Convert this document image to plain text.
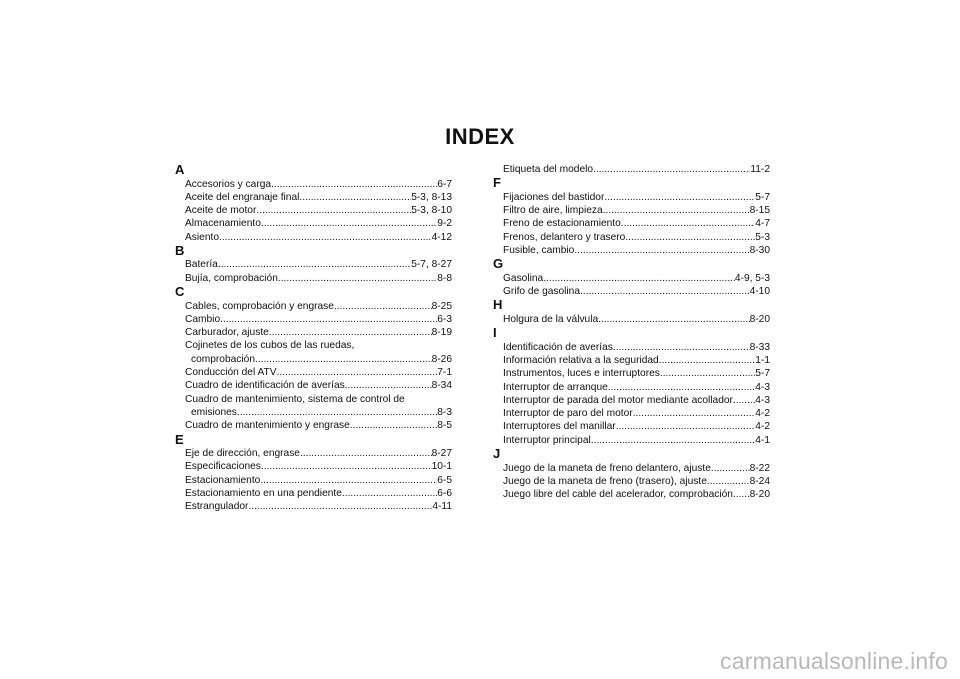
INDEX
A
Accesorios y carga .....	6-7
Aceite del engranaje final .....	5-3, 8-13
Aceite de motor .....	5-3, 8-10
Almacenamiento .....	9-2
Asiento .....	4-12
B
Batería .....	5-7, 8-27
Bujía, comprobación .....	8-8
C
Cables, comprobación y engrase .....	8-25
Cambio .....	6-3
Carburador, ajuste .....	8-19
Cojinetes de los cubos de las ruedas,
comprobación .....	8-26
Conducción del ATV .....	7-1
Cuadro de identificación de averías .....	8-34
Cuadro de mantenimiento, sistema de control de
emisiones .....	8-3
Cuadro de mantenimiento y engrase .....	8-5
E
Eje de dirección, engrase .....	8-27
Especificaciones .....	10-1
Estacionamiento .....	6-5
Estacionamiento en una pendiente .....	6-6
Estrangulador .....	4-11
Etiqueta del modelo .....	11-2
F
Fijaciones del bastidor .....	5-7
Filtro de aire, limpieza .....	8-15
Freno de estacionamiento .....	4-7
Frenos, delantero y trasero .....	5-3
Fusible, cambio .....	8-30
G
Gasolina .....	4-9, 5-3
Grifo de gasolina .....	4-10
H
Holgura de la válvula .....	8-20
I
Identificación de averías .....	8-33
Información relativa a la seguridad .....	1-1
Instrumentos, luces e interruptores .....	5-7
Interruptor de arranque .....	4-3
Interruptor de parada del motor mediante acollador ..... 4-3
Interruptor de paro del motor .....	4-2
Interruptores del manillar .....	4-2
Interruptor principal .....	4-1
J
Juego de la maneta de freno delantero, ajuste .....	8-22
Juego de la maneta de freno (trasero), ajuste .....	8-24
Juego libre del cable del acelerador, comprobación ..... 8-20
carmanualsonline.info
